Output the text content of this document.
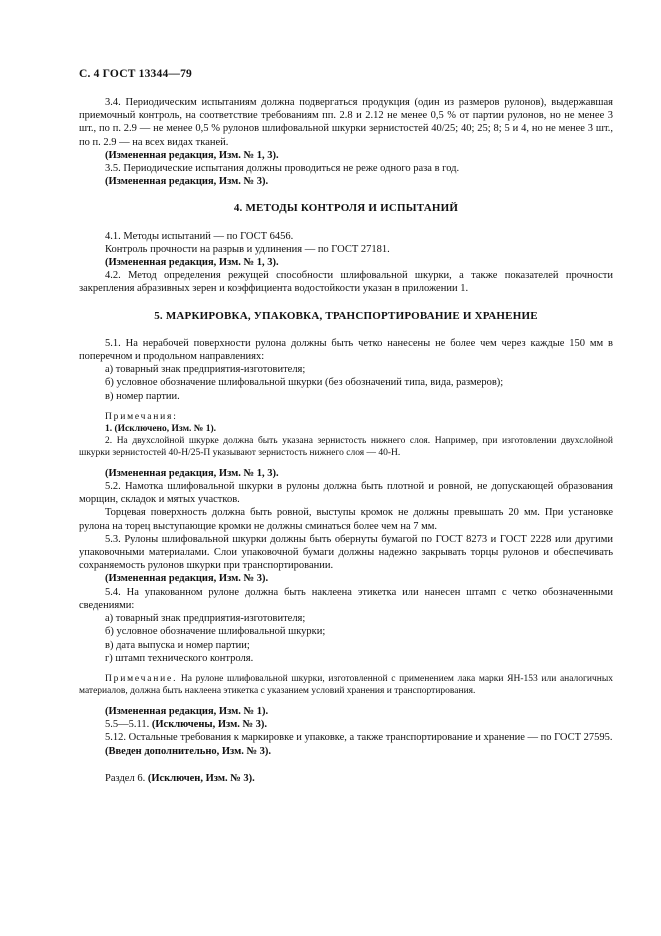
С. 4 ГОСТ 13344—79

3.4. Периодическим испытаниям должна подвергаться продукция (один из размеров рулонов), выдержавшая приемочный контроль, на соответствие требованиям пп. 2.8 и 2.12 не менее 0,5 % от партии рулонов, но не менее 3 шт., по п. 2.9 — не менее 0,5 % рулонов шлифовальной шкурки зернистостей 40/25; 40; 25; 8; 5 и 4, но не менее 3 шт., по п. 2.9 — на всех видах тканей.

(Измененная редакция, Изм. № 1, 3).

3.5. Периодические испытания должны проводиться не реже одного раза в год.

(Измененная редакция, Изм. № 3).

4. МЕТОДЫ КОНТРОЛЯ И ИСПЫТАНИЙ

4.1. Методы испытаний — по ГОСТ 6456.

Контроль прочности на разрыв и удлинения — по ГОСТ 27181.

(Измененная редакция, Изм. № 1, 3).

4.2. Метод определения режущей способности шлифовальной шкурки, а также показателей прочности закрепления абразивных зерен и коэффициента водостойкости указан в приложении 1.

5. МАРКИРОВКА, УПАКОВКА, ТРАНСПОРТИРОВАНИЕ И ХРАНЕНИЕ

5.1. На нерабочей поверхности рулона должны быть четко нанесены не более чем через каждые 150 мм в поперечном и продольном направлениях:

а) товарный знак предприятия-изготовителя;

б) условное обозначение шлифовальной шкурки (без обозначений типа, вида, размеров);

в) номер партии.

Примечания:

1. (Исключено, Изм. № 1).

2. На двухслойной шкурке должна быть указана зернистость нижнего слоя. Например, при изготовлении двухслойной шкурки зернистостей 40-Н/25-П указывают зернистость нижнего слоя — 40-Н.

(Измененная редакция, Изм. № 1, 3).

5.2. Намотка шлифовальной шкурки в рулоны должна быть плотной и ровной, не допускающей образования морщин, складок и мятых участков.

Торцевая поверхность должна быть ровной, выступы кромок не должны превышать 20 мм. При установке рулона на торец выступающие кромки не должны сминаться более чем на 7 мм.

5.3. Рулоны шлифовальной шкурки должны быть обернуты бумагой по ГОСТ 8273 и ГОСТ 2228 или другими упаковочными материалами. Слои упаковочной бумаги должны надежно закрывать торцы рулонов и обеспечивать сохраняемость рулонов шкурки при транспортировании.

(Измененная редакция, Изм. № 3).

5.4. На упакованном рулоне должна быть наклеена этикетка или нанесен штамп с четко обозначенными сведениями:

а) товарный знак предприятия-изготовителя;

б) условное обозначение шлифовальной шкурки;

в) дата выпуска и номер партии;

г) штамп технического контроля.

Примечание. На рулоне шлифовальной шкурки, изготовленной с применением лака марки ЯН-153 или аналогичных материалов, должна быть наклеена этикетка с указанием условий хранения и транспортирования.

(Измененная редакция, Изм. № 1).

5.5—5.11. (Исключены, Изм. № 3).

5.12. Остальные требования к маркировке и упаковке, а также транспортирование и хранение — по ГОСТ 27595.

(Введен дополнительно, Изм. № 3).

Раздел 6. (Исключен, Изм. № 3).
